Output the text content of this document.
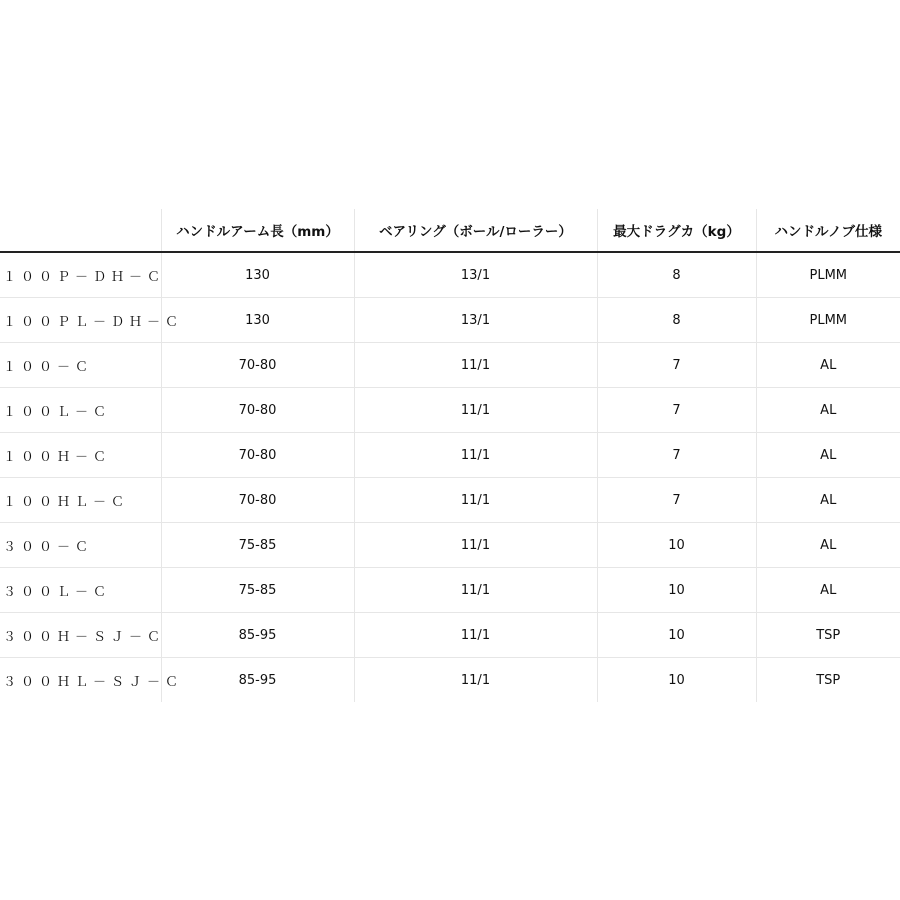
	ハンドルアーム長（mm）	ベアリング（ボール/ローラー）	最大ドラグカ（kg）	ハンドルノブ仕様
１００Ｐ－ＤＨ－Ｃ	130	13/1	8	PLMM
１００ＰＬ－ＤＨ－Ｃ	130	13/1	8	PLMM
１００－Ｃ	70-80	11/1	7	AL
１００Ｌ－Ｃ	70-80	11/1	7	AL
１００Ｈ－Ｃ	70-80	11/1	7	AL
１００ＨＬ－Ｃ	70-80	11/1	7	AL
３００－Ｃ	75-85	11/1	10	AL
３００Ｌ－Ｃ	75-85	11/1	10	AL
３００Ｈ－ＳＪ－Ｃ	85-95	11/1	10	TSP
３００ＨＬ－ＳＪ－Ｃ	85-95	11/1	10	TSP
